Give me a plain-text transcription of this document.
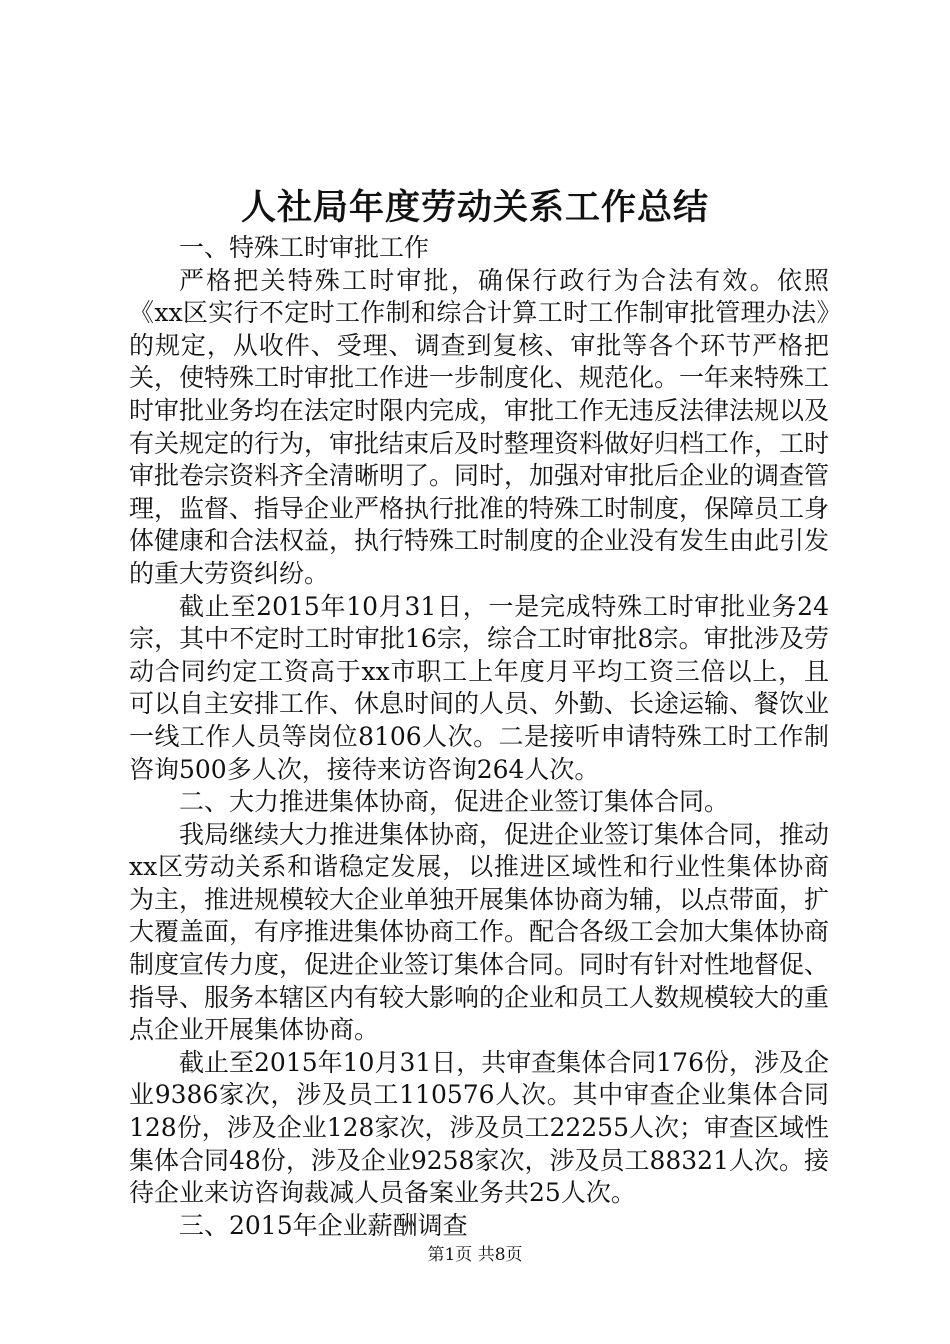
人社局年度劳动关系工作总结

一、特殊工时审批工作

严格把关特殊工时审批，确保行政行为合法有效。依照《xx区实行不定时工作制和综合计算工时工作制审批管理办法》的规定，从收件、受理、调查到复核、审批等各个环节严格把关，使特殊工时审批工作进一步制度化、规范化。一年来特殊工时审批业务均在法定时限内完成，审批工作无违反法律法规以及有关规定的行为，审批结束后及时整理资料做好归档工作，工时审批卷宗资料齐全清晰明了。同时，加强对审批后企业的调查管理，监督、指导企业严格执行批准的特殊工时制度，保障员工身体健康和合法权益，执行特殊工时制度的企业没有发生由此引发的重大劳资纠纷。

截止至2015年10月31日，一是完成特殊工时审批业务24宗，其中不定时工时审批16宗，综合工时审批8宗。审批涉及劳动合同约定工资高于xx市职工上年度月平均工资三倍以上，且可以自主安排工作、休息时间的人员、外勤、长途运输、餐饮业一线工作人员等岗位8106人次。二是接听申请特殊工时工作制咨询500多人次，接待来访咨询264人次。

二、大力推进集体协商，促进企业签订集体合同。

我局继续大力推进集体协商，促进企业签订集体合同，推动xx区劳动关系和谐稳定发展，以推进区域性和行业性集体协商为主，推进规模较大企业单独开展集体协商为辅，以点带面，扩大覆盖面，有序推进集体协商工作。配合各级工会加大集体协商制度宣传力度，促进企业签订集体合同。同时有针对性地督促、指导、服务本辖区内有较大影响的企业和员工人数规模较大的重点企业开展集体协商。

截止至2015年10月31日，共审查集体合同176份，涉及企业9386家次，涉及员工110576人次。其中审查企业集体合同128份，涉及企业128家次，涉及员工22255人次；审查区域性集体合同48份，涉及企业9258家次，涉及员工88321人次。接待企业来访咨询裁减人员备案业务共25人次。

三、2015年企业薪酬调查

第1页 共8页
